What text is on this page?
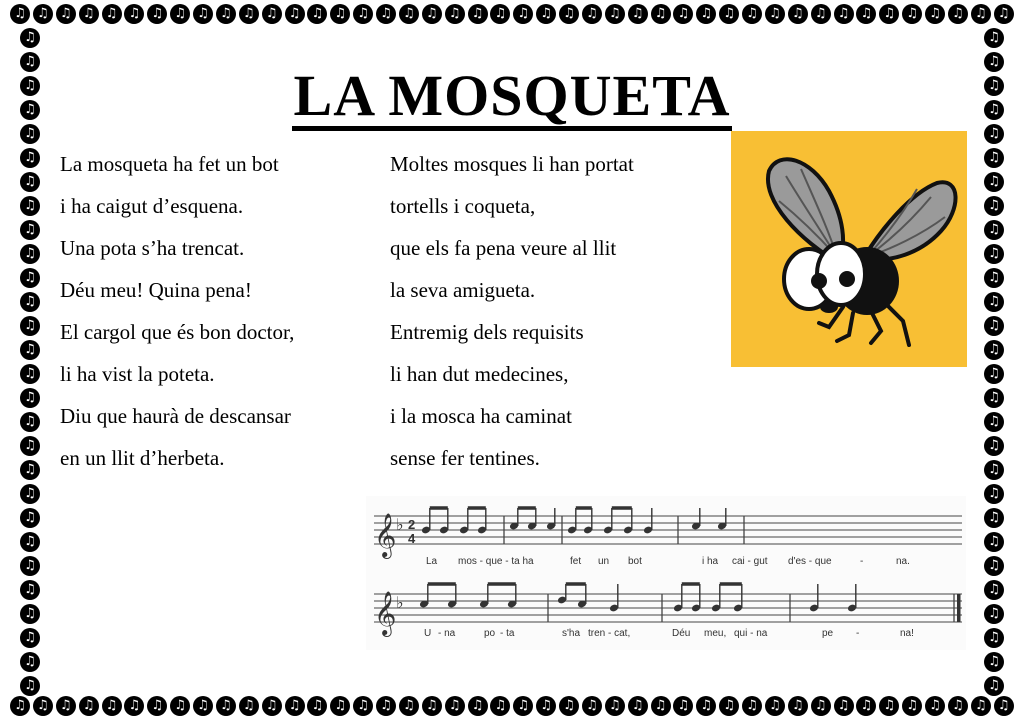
♫ ♫ ♫ ♫ ♫ ♫ ♫ ♫ ♫ ♫ ♫ ♫ ♫ ♫ ♫ ♫ ♫ ♫ ♫ ♫ ♫ ♫ ♫ ♫ ♫ ♫ ♫ ♫ ♫ ♫ ♫ ♫ ♫ ♫ ♫ ♫ ♫ ♫ ♫ ♫ ♫ ♫ ♫ ♫
♫ ♫ ♫ ♫ ♫ ♫ ♫ ♫ ♫ ♫ ♫ ♫ ♫ ♫ ♫ ♫ ♫ ♫ ♫ ♫ ♫ ♫ ♫ ♫ ♫ ♫ ♫ ♫ ♫ ♫ ♫ ♫ ♫ ♫ ♫ ♫ ♫ ♫ ♫ ♫ ♫ ♫ ♫ ♫
♫
♫
♫
♫
♫
♫
♫
♫
♫
♫
♫
♫
♫
♫
♫
♫
♫
♫
♫
♫
♫
♫
♫
♫
♫
♫
♫
♫
♫
♫
♫
♫
♫
♫
♫
♫
♫
♫
♫
♫
♫
♫
♫
♫
♫
♫
♫
♫
♫
♫
♫
♫
♫
♫
♫
♫
LA MOSQUETA
La mosqueta ha fet un bot
i ha caigut d’esquena.
Una pota s’ha trencat.
Déu meu! Quina pena!
El cargol que és bon doctor,
li ha vist la poteta.
Diu que haurà de descansar
en un llit d’herbeta.
Moltes mosques li han portat
tortells i coqueta,
que els fa pena veure al llit
la seva amigueta.
Entremig dels requisits
li han dut medecines,
i la mosca ha caminat
sense fer tentines.
𝄞 ♭ 2
4
La mos - que - ta ha	fet un bot	i ha cai - gut d'es - que	-	na.
𝄞 ♭
U - na	po - ta	s'ha tren - cat,	Déu meu, qui - na	pe -	na!
